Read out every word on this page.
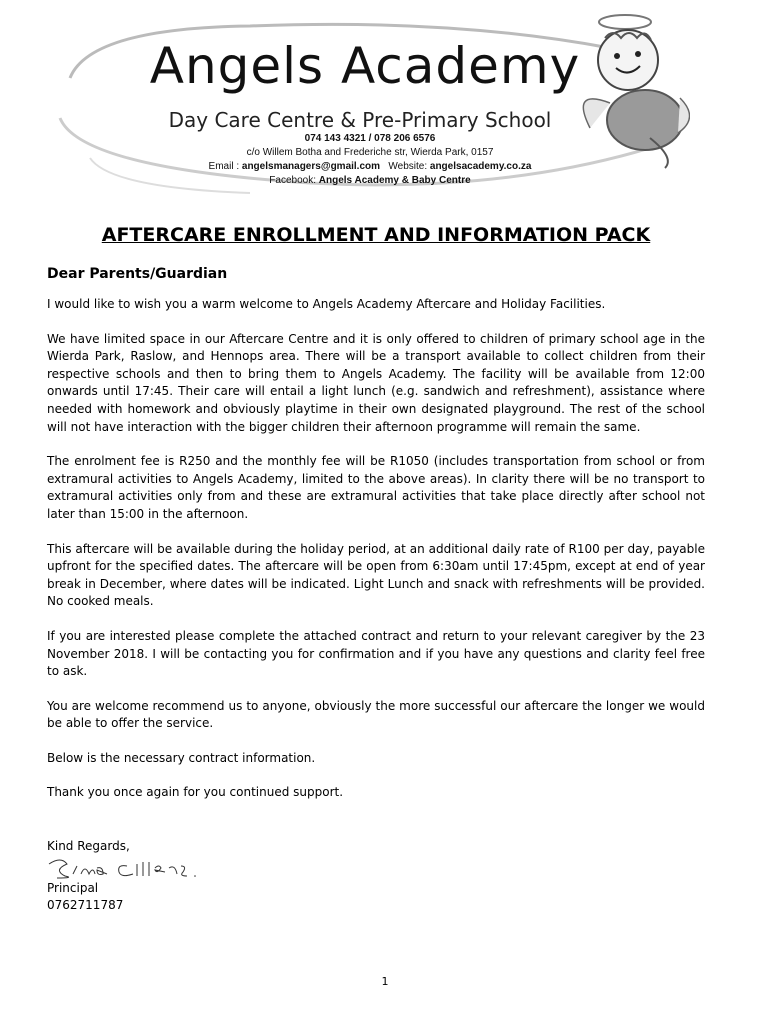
Angels Academy
Day Care Centre & Pre-Primary School
074 143 4321 / 078 206 6576
c/o Willem Botha and Frederiche str, Wierda Park, 0157
Email : angelsmanagers@gmail.com Website: angelsacademy.co.za
Facebook: Angels Academy & Baby Centre
AFTERCARE ENROLLMENT AND INFORMATION PACK
Dear Parents/Guardian

I would like to wish you a warm welcome to Angels Academy Aftercare and Holiday Facilities.

We have limited space in our Aftercare Centre and it is only offered to children of primary school age in the Wierda Park, Raslow, and Hennops area. There will be a transport available to collect children from their respective schools and then to bring them to Angels Academy. The facility will be available from 12:00 onwards until 17:45. Their care will entail a light lunch (e.g. sandwich and refreshment), assistance where needed with homework and obviously playtime in their own designated playground. The rest of the school will not have interaction with the bigger children their afternoon programme will remain the same.

The enrolment fee is R250 and the monthly fee will be R1050 (includes transportation from school or from extramural activities to Angels Academy, limited to the above areas). In clarity there will be no transport to extramural activities only from and these are extramural activities that take place directly after school not later than 15:00 in the afternoon.

This aftercare will be available during the holiday period, at an additional daily rate of R100 per day, payable upfront for the specified dates. The aftercare will be open from 6:30am until 17:45pm, except at end of year break in December, where dates will be indicated. Light Lunch and snack with refreshments will be provided. No cooked meals.

If you are interested please complete the attached contract and return to your relevant caregiver by the 23 November 2018. I will be contacting you for confirmation and if you have any questions and clarity feel free to ask.

You are welcome recommend us to anyone, obviously the more successful our aftercare the longer we would be able to offer the service.

Below is the necessary contract information.

Thank you once again for you continued support.

Kind Regards,

Principal

0762711787

1
